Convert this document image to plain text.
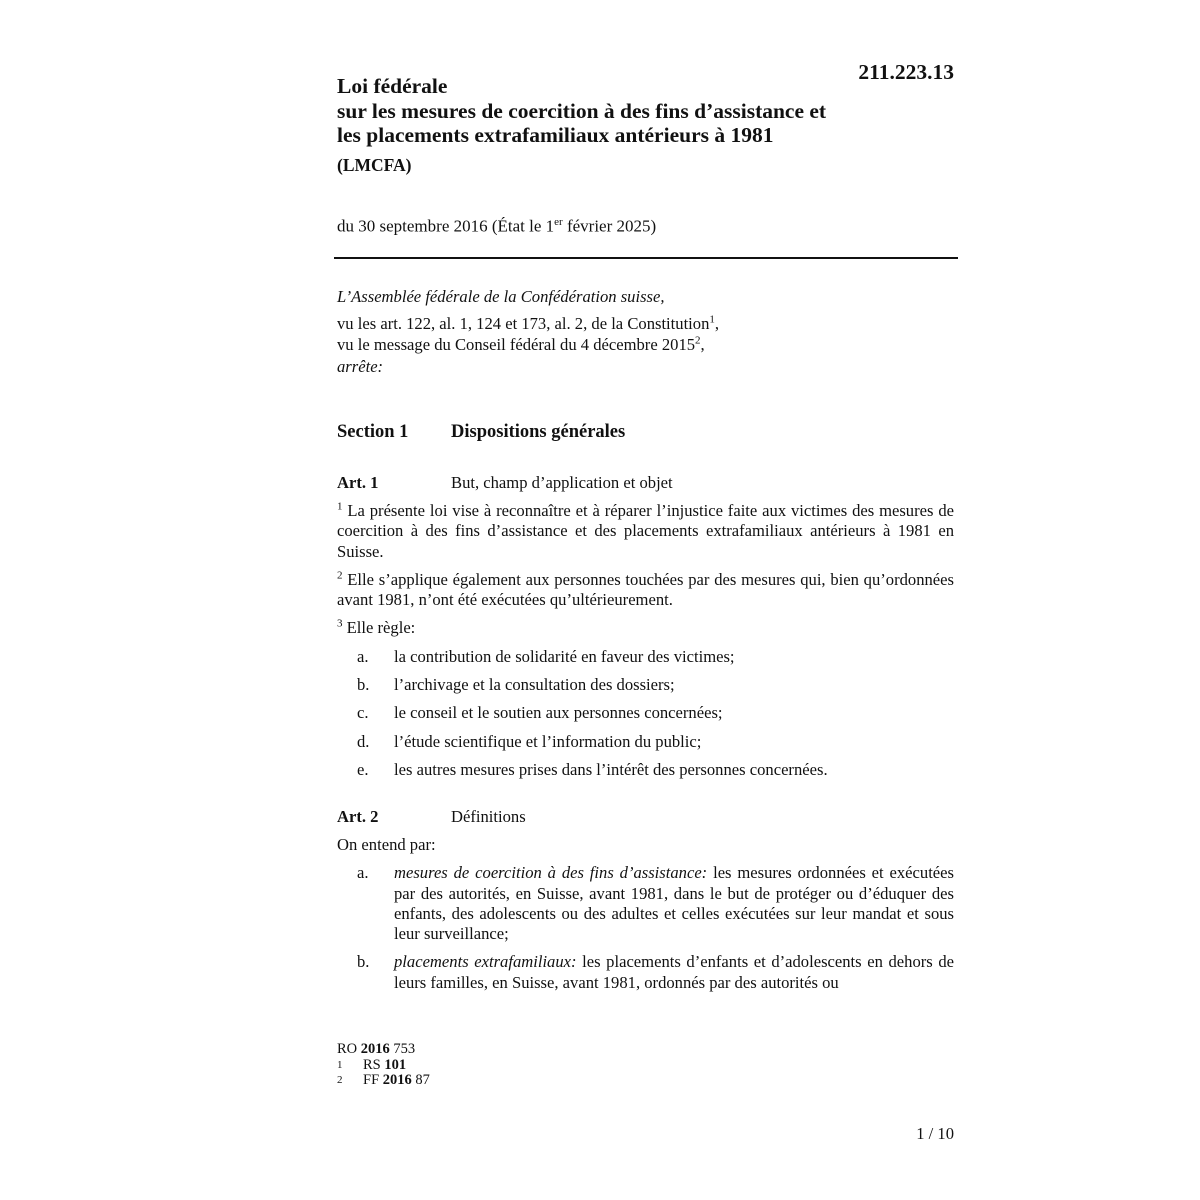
211.223.13
Loi fédérale
sur les mesures de coercition à des fins d’assistance et
les placements extrafamiliaux antérieurs à 1981
(LMCFA)
du 30 septembre 2016 (État le 1er février 2025)
L’Assemblée fédérale de la Confédération suisse,
vu les art. 122, al. 1, 124 et 173, al. 2, de la Constitution$^1$,
vu le message du Conseil fédéral du 4 décembre 2015$^2$,
arrête:
Section 1 Dispositions générales
Art. 1	But, champ d’application et objet
$^1$ La présente loi vise à reconnaître et à réparer l’injustice faite aux victimes des mesures de coercition à des fins d’assistance et des placements extrafamiliaux antérieurs à 1981 en Suisse.
$^2$ Elle s’applique également aux personnes touchées par des mesures qui, bien qu’ordonnées avant 1981, n’ont été exécutées qu’ultérieurement.
$^3$ Elle règle:
a.	la contribution de solidarité en faveur des victimes;
b.	l’archivage et la consultation des dossiers;
c.	le conseil et le soutien aux personnes concernées;
d.	l’étude scientifique et l’information du public;
e.	les autres mesures prises dans l’intérêt des personnes concernées.
Art. 2	Définitions
On entend par:
a.	mesures de coercition à des fins d’assistance: les mesures ordonnées et exécutées par des autorités, en Suisse, avant 1981, dans le but de protéger ou d’éduquer des enfants, des adolescents ou des adultes et celles exécutées sur leur mandat et sous leur surveillance;
b.	placements extrafamiliaux: les placements d’enfants et d’adolescents en dehors de leurs familles, en Suisse, avant 1981, ordonnés par des autorités ou
RO 2016 753
1	RS 101
2	FF 2016 87
1 / 10
